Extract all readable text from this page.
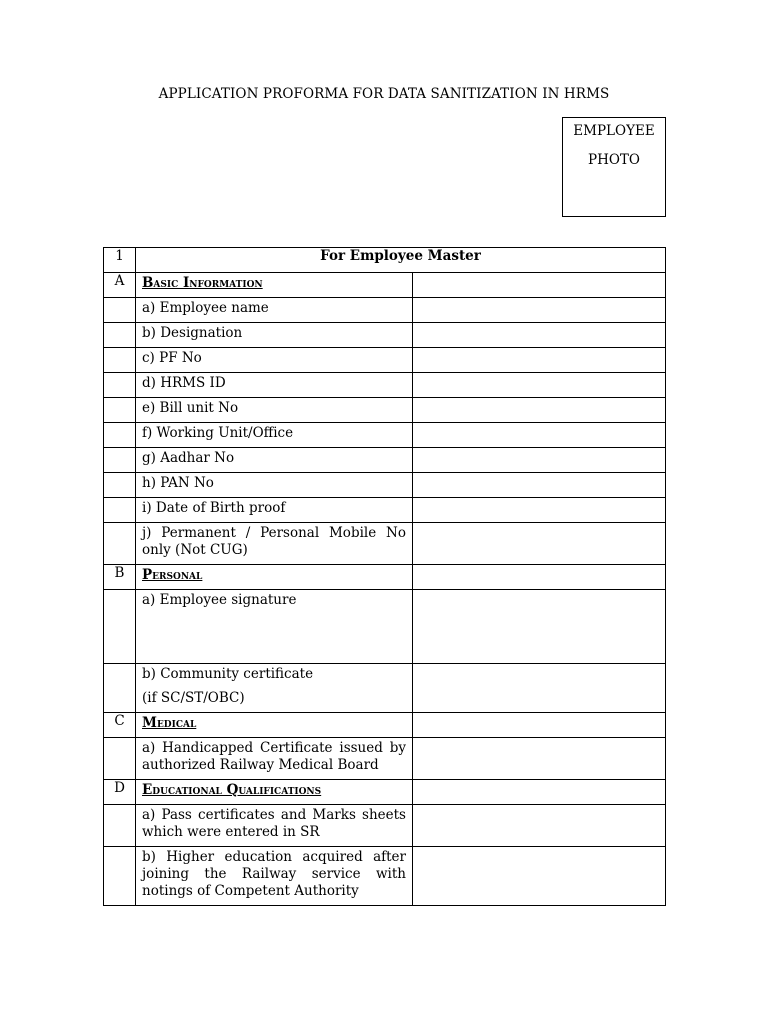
APPLICATION PROFORMA FOR DATA SANITIZATION IN HRMS
EMPLOYEE
PHOTO
1	For Employee Master	
A	Basic Information	

	a) Employee name	

	b) Designation	

	c) PF No	

	d) HRMS ID	

	e) Bill unit No	

	f) Working Unit/Office	

	g) Aadhar No	

	h) PAN No	

	i) Date of Birth proof	

	j) Permanent / Personal Mobile No only (Not CUG)	

B	Personal	

	a) Employee signature	

	b) Community certificate
(if SC/ST/OBC)	

C	Medical	

	a) Handicapped Certificate issued by authorized Railway Medical Board	

D	Educational Qualifications	

	a) Pass certificates and Marks sheets which were entered in SR	

	b) Higher education acquired after joining the Railway service with notings of Competent Authority	
